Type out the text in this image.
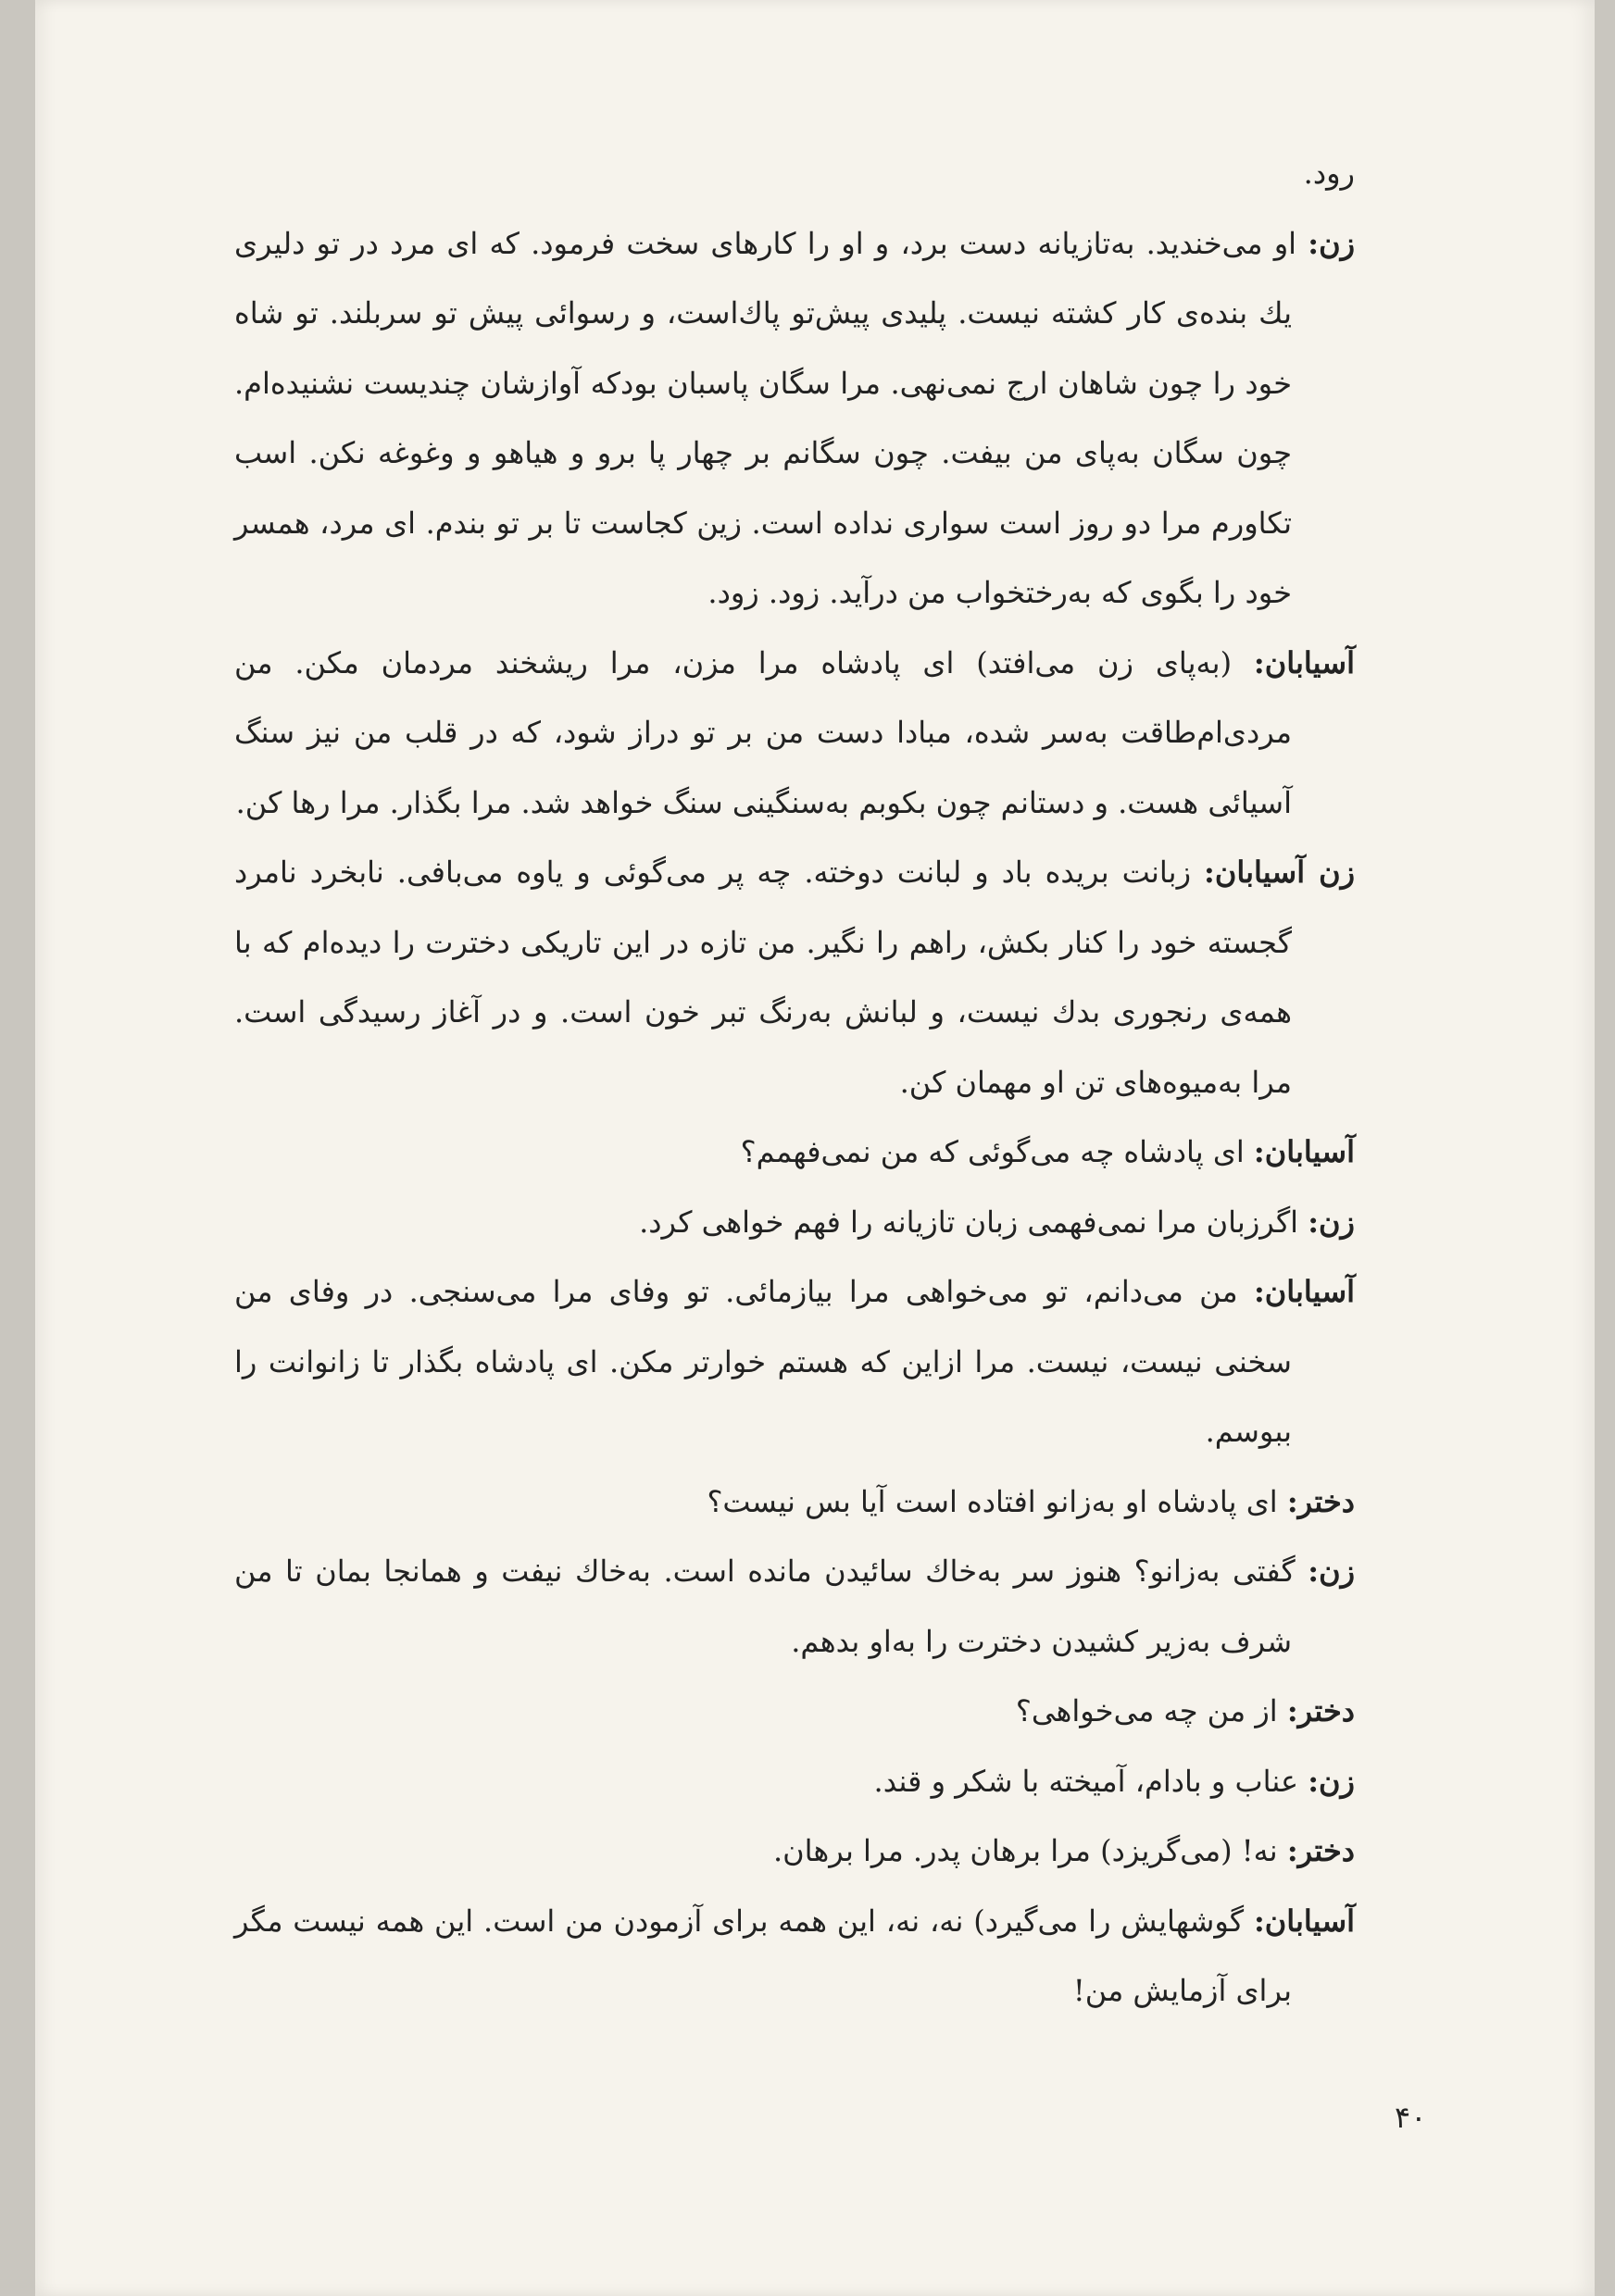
رود.
زن: او می‌خندید. به‌تازیانه دست برد، و او را کارهای سخت فرمود. که ای مرد در تو دلیری یك بنده‌ی کار کشته نیست. پلیدی پیش‌تو پاك‌است، و رسوائی پیش تو سربلند. تو شاه خود را چون شاهان ارج نمی‌نهی. مرا سگان پاسبان بودکه آوازشان چندیست نشنیده‌ام. چون سگان به‌پای من بیفت. چون سگانم بر چهار پا برو و هیاهو و وغوغه نکن. اسب تکاورم مرا دو روز است سواری نداده است. زین کجاست تا بر تو بندم. ای مرد، همسر خود را بگوی که به‌رختخواب من درآید. زود. زود.
آسیابان: (به‌پای زن می‌افتد) ای پادشاه مرا مزن، مرا ریشخند مردمان مکن. من مردی‌ام‌طاقت به‌سر شده، مبادا دست من بر تو دراز شود، که در قلب من نیز سنگ آسیائی هست. و دستانم چون بکوبم به‌سنگینی سنگ خواهد شد. مرا بگذار. مرا رها کن.
زن آسیابان: زبانت بریده باد و لبانت دوخته. چه پر می‌گوئی و یاوه می‌بافی. نابخرد نامرد گجسته خود را کنار بکش، راهم را نگیر. من تازه در این تاریکی دخترت را دیده‌ام که با همه‌ی رنجوری بدك نیست، و لبانش به‌رنگ تبر خون است. و در آغاز رسیدگی است. مرا به‌میوه‌های تن او مهمان کن.
آسیابان: ای پادشاه چه می‌گوئی که من نمی‌فهمم؟
زن: اگرزبان مرا نمی‌فهمی زبان تازیانه را فهم خواهی کرد.
آسیابان: من می‌دانم، تو می‌خواهی مرا بیازمائی. تو وفای مرا می‌سنجی. در وفای من سخنی نیست، نیست. مرا ازاین که هستم خوارتر مکن. ای پادشاه بگذار تا زانوانت را ببوسم.
دختر: ای پادشاه او به‌زانو افتاده است آیا بس نیست؟
زن: گفتی به‌زانو؟ هنوز سر به‌خاك سائیدن مانده است. به‌خاك نیفت و همانجا بمان تا من شرف به‌زیر کشیدن دخترت را به‌او بدهم.
دختر: از من چه می‌خواهی؟
زن: عناب و بادام، آمیخته با شکر و قند.
دختر: نه! (می‌گریزد) مرا برهان پدر. مرا برهان.
آسیابان: گوشهایش را می‌گیرد) نه، نه، این همه برای آزمودن من است. این همه نیست مگر برای آزمایش من!
۴۰
